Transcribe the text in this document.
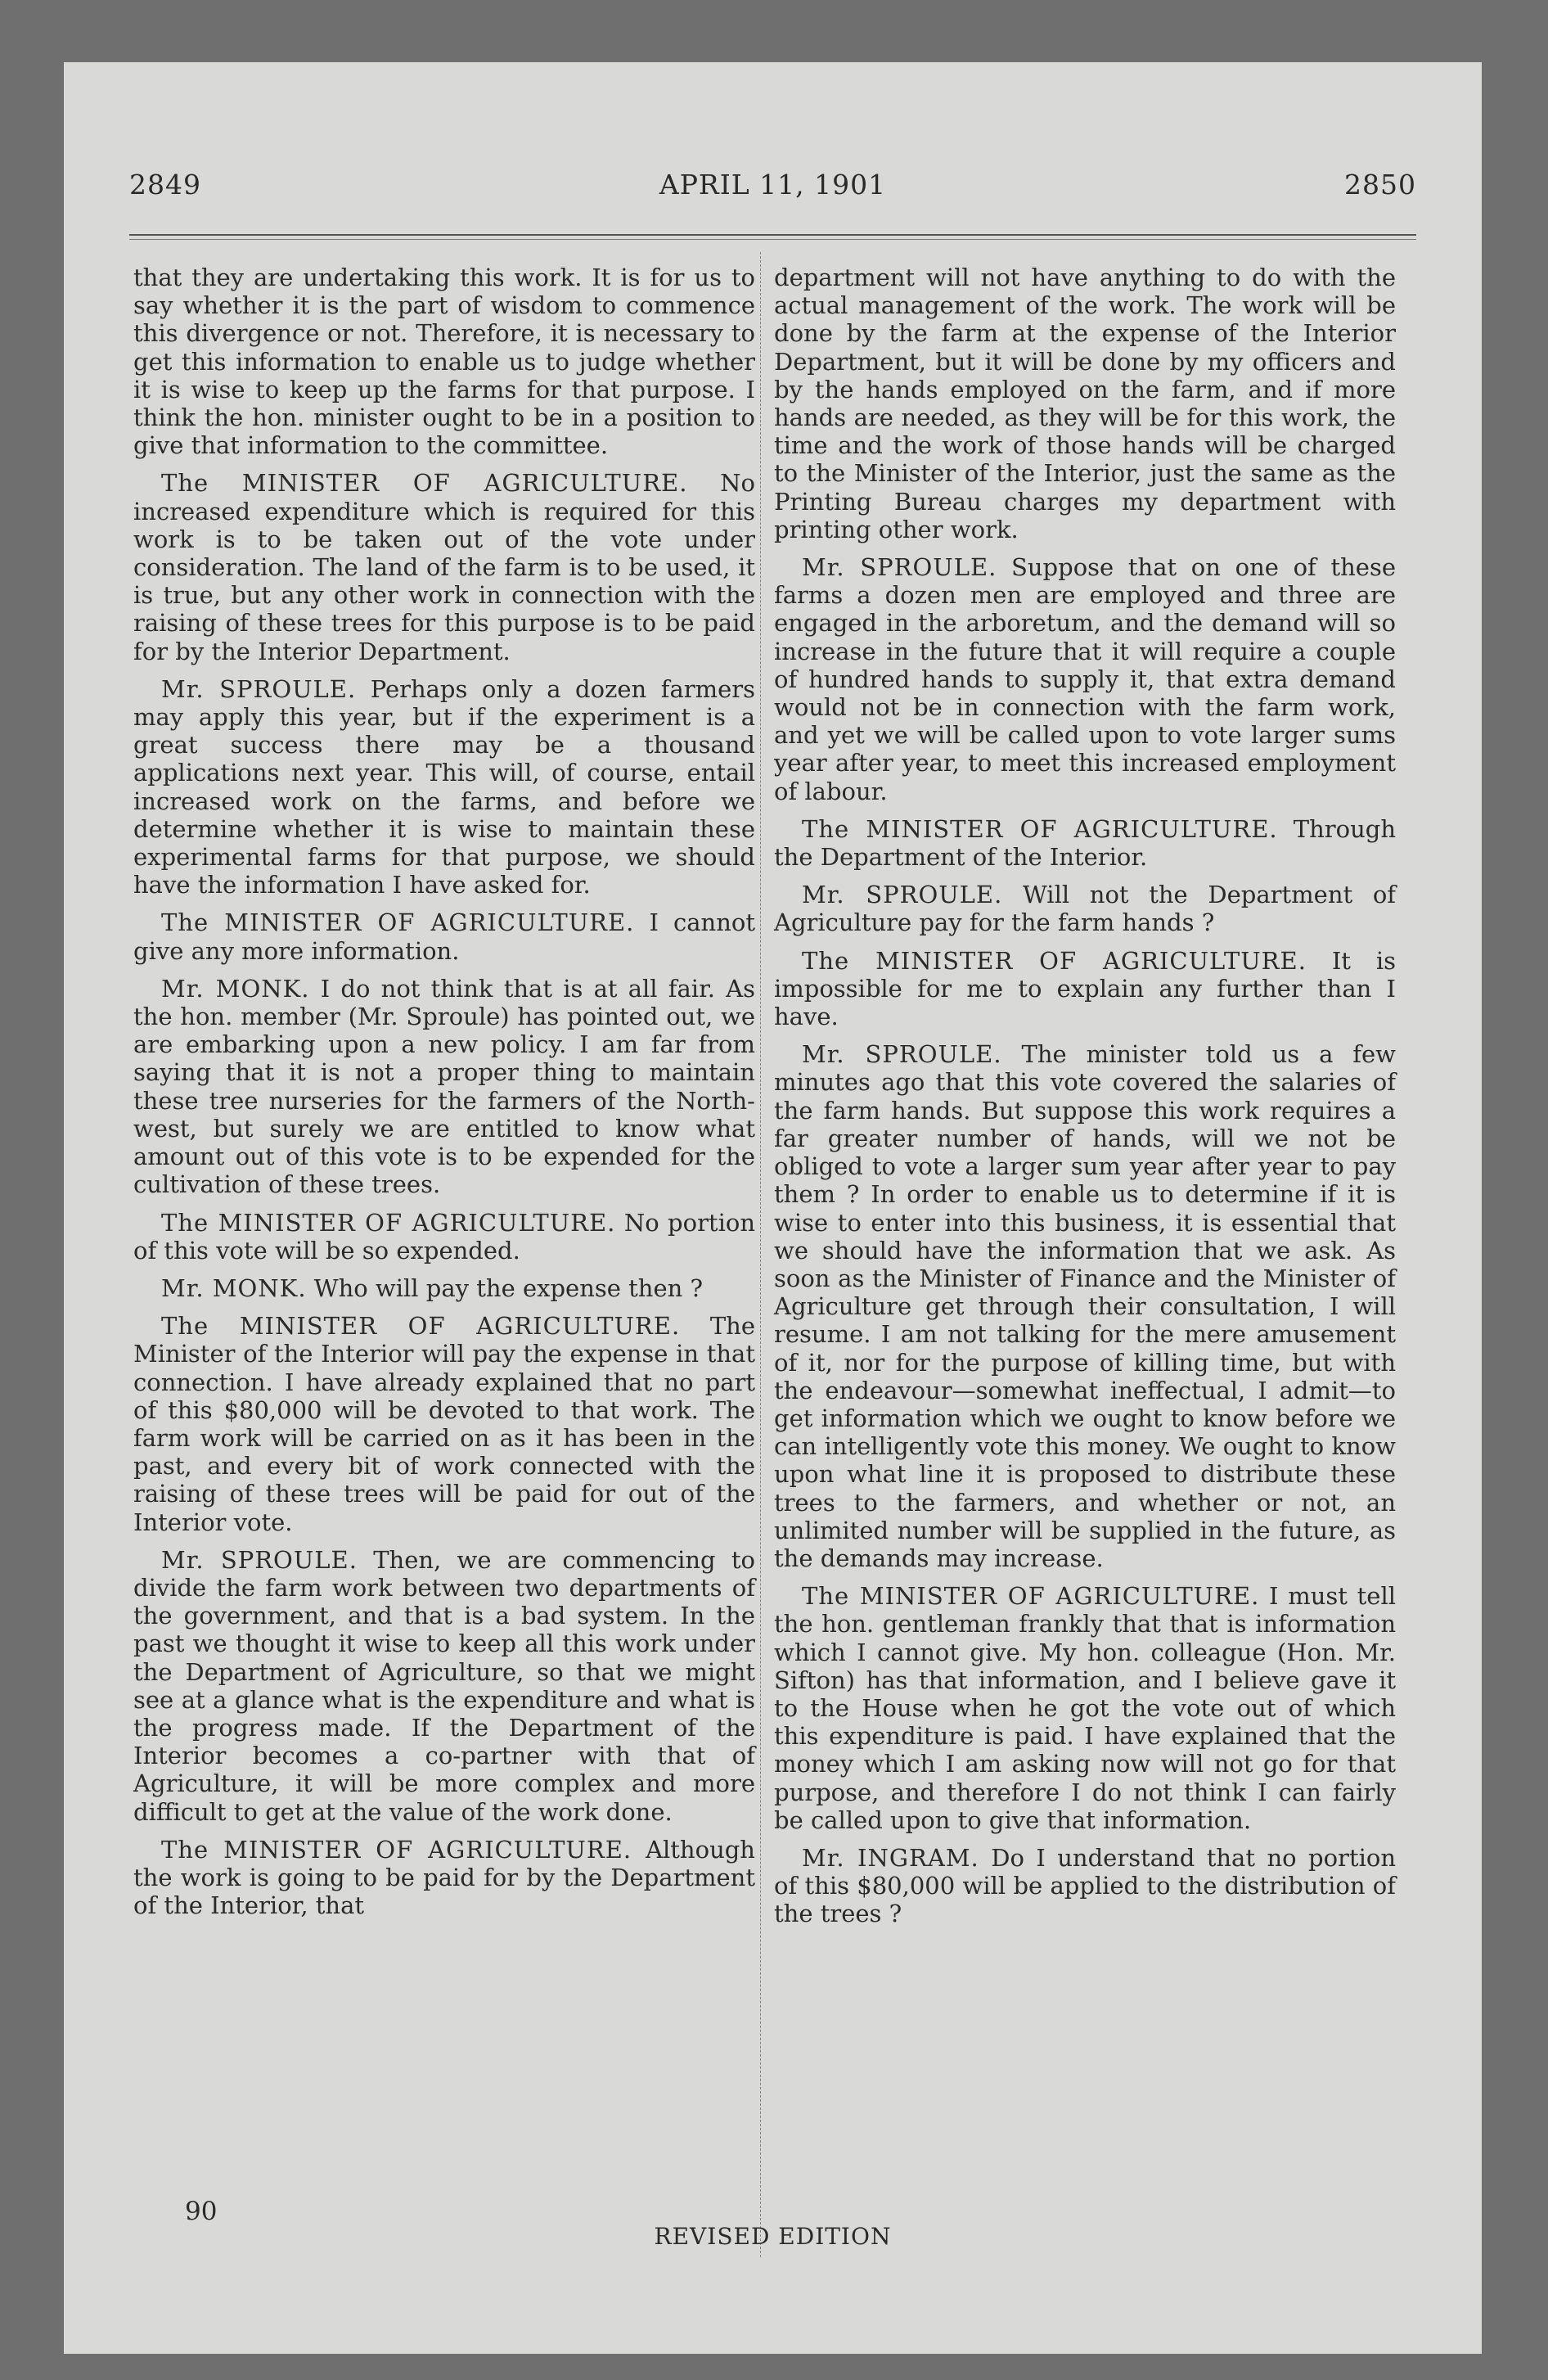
2849	APRIL 11, 1901	2850

that they are undertaking this work. It is for us to say whether it is the part of wisdom to commence this divergence or not. Therefore, it is necessary to get this information to enable us to judge whether it is wise to keep up the farms for that purpose. I think the hon. minister ought to be in a position to give that information to the committee.

The MINISTER OF AGRICULTURE. No increased expenditure which is required for this work is to be taken out of the vote under consideration. The land of the farm is to be used, it is true, but any other work in connection with the raising of these trees for this purpose is to be paid for by the Interior Department.

Mr. SPROULE. Perhaps only a dozen farmers may apply this year, but if the experiment is a great success there may be a thousand applications next year. This will, of course, entail increased work on the farms, and before we determine whether it is wise to maintain these experimental farms for that purpose, we should have the information I have asked for.

The MINISTER OF AGRICULTURE. I cannot give any more information.

Mr. MONK. I do not think that is at all fair. As the hon. member (Mr. Sproule) has pointed out, we are embarking upon a new policy. I am far from saying that it is not a proper thing to maintain these tree nurseries for the farmers of the North-west, but surely we are entitled to know what amount out of this vote is to be expended for the cultivation of these trees.

The MINISTER OF AGRICULTURE. No portion of this vote will be so expended.

Mr. MONK. Who will pay the expense then ?

The MINISTER OF AGRICULTURE. The Minister of the Interior will pay the expense in that connection. I have already explained that no part of this $80,000 will be devoted to that work. The farm work will be carried on as it has been in the past, and every bit of work connected with the raising of these trees will be paid for out of the Interior vote.

Mr. SPROULE. Then, we are commencing to divide the farm work between two departments of the government, and that is a bad system. In the past we thought it wise to keep all this work under the Department of Agriculture, so that we might see at a glance what is the expenditure and what is the progress made. If the Department of the Interior becomes a co-partner with that of Agriculture, it will be more complex and more difficult to get at the value of the work done.

The MINISTER OF AGRICULTURE. Although the work is going to be paid for by the Department of the Interior, that

department will not have anything to do with the actual management of the work. The work will be done by the farm at the expense of the Interior Department, but it will be done by my officers and by the hands employed on the farm, and if more hands are needed, as they will be for this work, the time and the work of those hands will be charged to the Minister of the Interior, just the same as the Printing Bureau charges my department with printing other work.

Mr. SPROULE. Suppose that on one of these farms a dozen men are employed and three are engaged in the arboretum, and the demand will so increase in the future that it will require a couple of hundred hands to supply it, that extra demand would not be in connection with the farm work, and yet we will be called upon to vote larger sums year after year, to meet this increased employment of labour.

The MINISTER OF AGRICULTURE. Through the Department of the Interior.

Mr. SPROULE. Will not the Department of Agriculture pay for the farm hands ?

The MINISTER OF AGRICULTURE. It is impossible for me to explain any further than I have.

Mr. SPROULE. The minister told us a few minutes ago that this vote covered the salaries of the farm hands. But suppose this work requires a far greater number of hands, will we not be obliged to vote a larger sum year after year to pay them ? In order to enable us to determine if it is wise to enter into this business, it is essential that we should have the information that we ask. As soon as the Minister of Finance and the Minister of Agriculture get through their consultation, I will resume. I am not talking for the mere amusement of it, nor for the purpose of killing time, but with the endeavour—somewhat ineffectual, I admit—to get information which we ought to know before we can intelligently vote this money. We ought to know upon what line it is proposed to distribute these trees to the farmers, and whether or not, an unlimited number will be supplied in the future, as the demands may increase.

The MINISTER OF AGRICULTURE. I must tell the hon. gentleman frankly that that is information which I cannot give. My hon. colleague (Hon. Mr. Sifton) has that information, and I believe gave it to the House when he got the vote out of which this expenditure is paid. I have explained that the money which I am asking now will not go for that purpose, and therefore I do not think I can fairly be called upon to give that information.

Mr. INGRAM. Do I understand that no portion of this $80,000 will be applied to the distribution of the trees ?

90
REVISED EDITION
